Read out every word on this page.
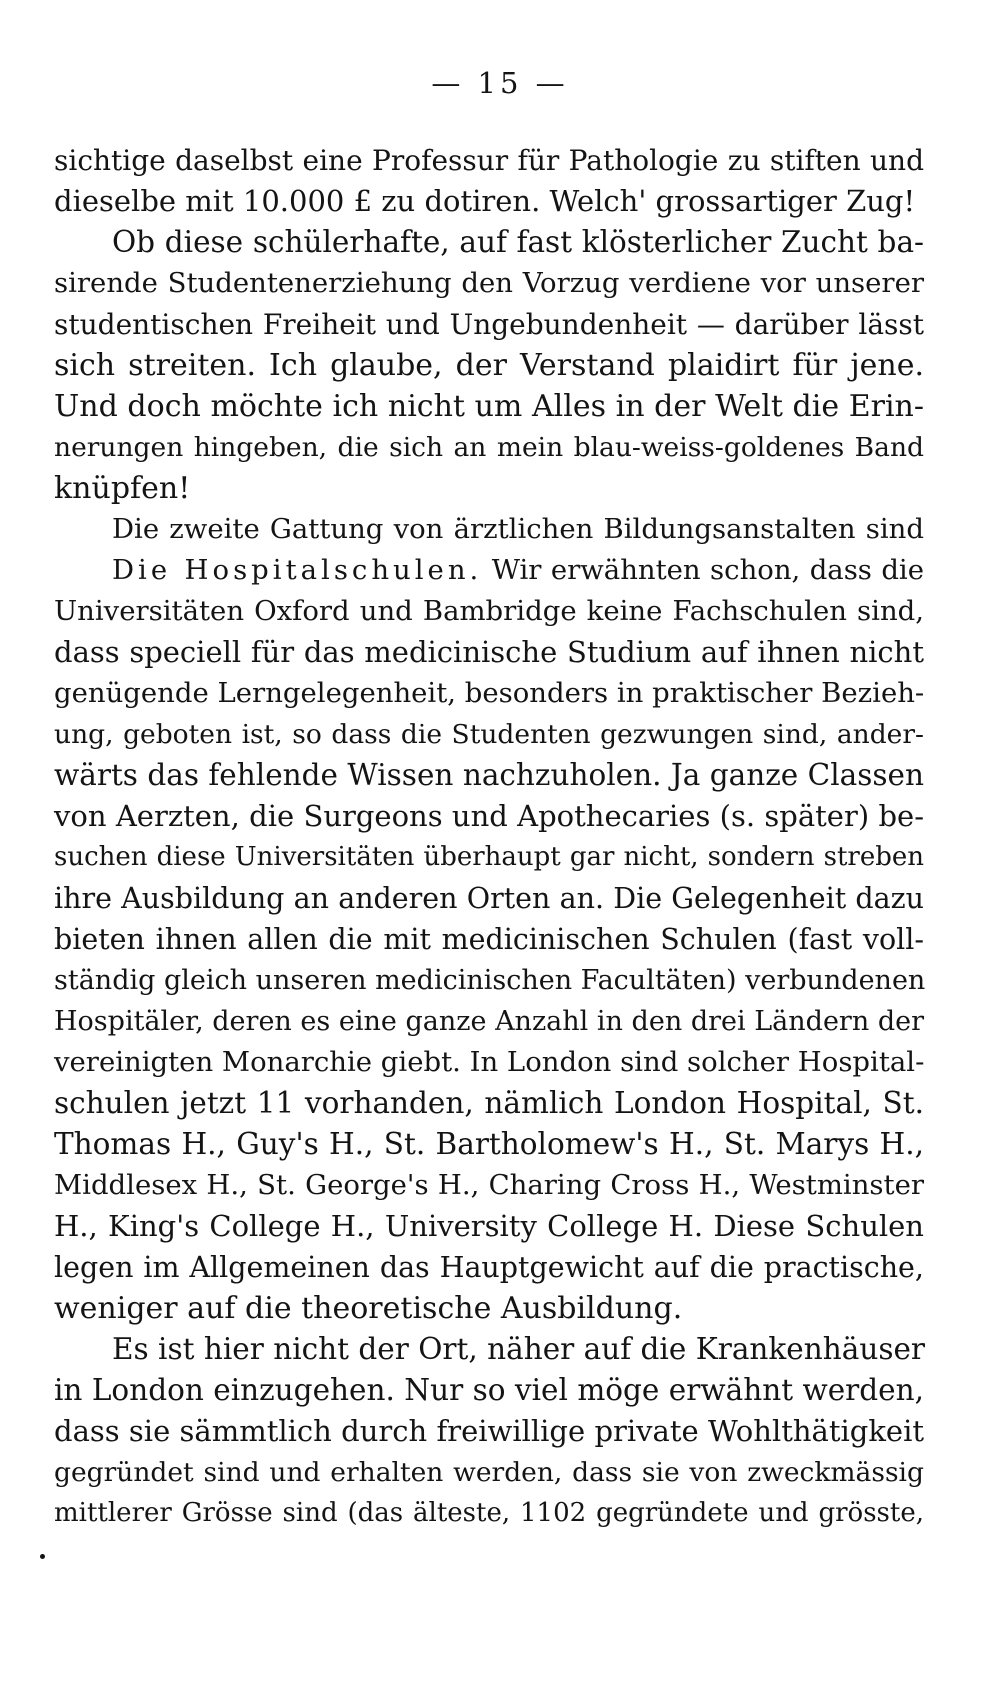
— 15 —
sichtige daselbst eine Professur für Pathologie zu stiften und
dieselbe mit 10.000 £ zu dotiren. Welch' grossartiger Zug!
Ob diese schülerhafte, auf fast klösterlicher Zucht ba-
sirende Studentenerziehung den Vorzug verdiene vor unserer
studentischen Freiheit und Ungebundenheit — darüber lässt
sich streiten. Ich glaube, der Verstand plaidirt für jene.
Und doch möchte ich nicht um Alles in der Welt die Erin-
nerungen hingeben, die sich an mein blau-weiss-goldenes Band
knüpfen!
Die zweite Gattung von ärztlichen Bildungsanstalten sind
Die Hospitalschulen. Wir erwähnten schon, dass die
Universitäten Oxford und Bambridge keine Fachschulen sind,
dass speciell für das medicinische Studium auf ihnen nicht
genügende Lerngelegenheit, besonders in praktischer Bezieh-
ung, geboten ist, so dass die Studenten gezwungen sind, ander-
wärts das fehlende Wissen nachzuholen. Ja ganze Classen
von Aerzten, die Surgeons und Apothecaries (s. später) be-
suchen diese Universitäten überhaupt gar nicht, sondern streben
ihre Ausbildung an anderen Orten an. Die Gelegenheit dazu
bieten ihnen allen die mit medicinischen Schulen (fast voll-
ständig gleich unseren medicinischen Facultäten) verbundenen
Hospitäler, deren es eine ganze Anzahl in den drei Ländern der
vereinigten Monarchie giebt. In London sind solcher Hospital-
schulen jetzt 11 vorhanden, nämlich London Hospital, St.
Thomas H., Guy's H., St. Bartholomew's H., St. Marys H.,
Middlesex H., St. George's H., Charing Cross H., Westminster
H., King's College H., University College H. Diese Schulen
legen im Allgemeinen das Hauptgewicht auf die practische,
weniger auf die theoretische Ausbildung.
Es ist hier nicht der Ort, näher auf die Krankenhäuser
in London einzugehen. Nur so viel möge erwähnt werden,
dass sie sämmtlich durch freiwillige private Wohlthätigkeit
gegründet sind und erhalten werden, dass sie von zweckmässig
mittlerer Grösse sind (das älteste, 1102 gegründete und grösste,
